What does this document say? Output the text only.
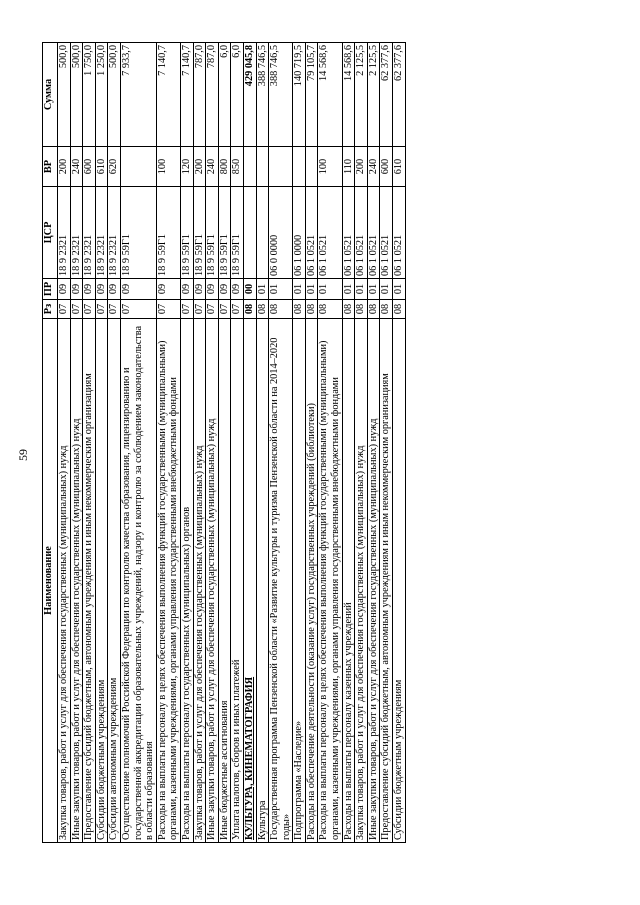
59
Наименование	Рз	ПР	ЦСР	ВР	Сумма
Закупка товаров, работ и услуг для обеспечения государственных (муниципальных) нужд	07	09	18 9 2321	200	500,0
Иные закупки товаров, работ и услуг для обеспечения государственных (муниципальных) нужд	07	09	18 9 2321	240	500,0
Предоставление субсидий бюджетным, автономным учреждениям и иным некоммерческим организациям	07	09	18 9 2321	600	1 750,0
Субсидии бюджетным учреждениям	07	09	18 9 2321	610	1 250,0
Субсидии автономным учреждениям	07	09	18 9 2321	620	500,0
Осуществление полномочий Российской Федерации по контролю качества образования, лицензированию и государственной аккредитации образовательных учреждений, надзору и контролю за соблюдением законодательства в области образования	07	09	18 9 59Г1		7 933,7
Расходы на выплаты персоналу в целях обеспечения выполнения функций государственными (муниципальными) органами, казенными учреждениями, органами управления государственными внебюджетными фондами	07	09	18 9 59Г1	100	7 140,7
Расходы на выплаты персоналу государственных (муниципальных) органов	07	09	18 9 59Г1	120	7 140,7
Закупка товаров, работ и услуг для обеспечения государственных (муниципальных) нужд	07	09	18 9 59Г1	200	787,0
Иные закупки товаров, работ и услуг для обеспечения государственных (муниципальных) нужд	07	09	18 9 59Г1	240	787,0
Иные бюджетные ассигнования	07	09	18 9 59Г1	800	6,0
Уплата налогов, сборов и иных платежей	07	09	18 9 59Г1	850	6,0
КУЛЬТУРА, КИНЕМАТОГРАФИЯ	08	00			429 045,8
Культура	08	01			388 746,5
Государственная программа Пензенской области «Развитие культуры и туризма Пензенской области на 2014–2020 годы»	08	01	06 0 0000		388 746,5
Подпрограмма «Наследие»	08	01	06 1 0000		140 719,5
Расходы на обеспечение деятельности (оказание услуг) государственных учреждений (библиотеки)	08	01	06 1 0521		79 105,7
Расходы на выплаты персоналу в целях обеспечения выполнения функций государственными (муниципальными) органами, казенными учреждениями, органами управления государственными внебюджетными фондами	08	01	06 1 0521	100	14 568,6
Расходы на выплаты персоналу казенных учреждений	08	01	06 1 0521	110	14 568,6
Закупка товаров, работ и услуг для обеспечения государственных (муниципальных) нужд	08	01	06 1 0521	200	2 125,5
Иные закупки товаров, работ и услуг для обеспечения государственных (муниципальных) нужд	08	01	06 1 0521	240	2 125,5
Предоставление субсидий бюджетным, автономным учреждениям и иным некоммерческим организациям	08	01	06 1 0521	600	62 377,6
Субсидии бюджетным учреждениям	08	01	06 1 0521	610	62 377,6
